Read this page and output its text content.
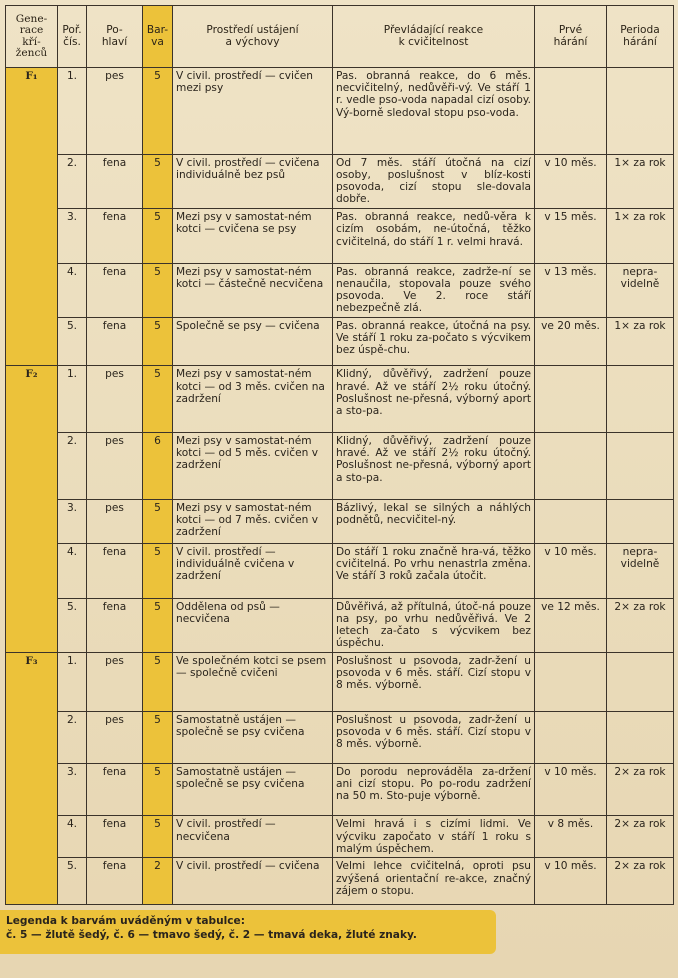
Gene-
race
kří-
ženců	Poř.
čís.	Po-
hlaví	Bar-
va	Prostředí ustájení
a výchovy	Převládající reakce
k cvičitelnost	Prvé
hárání	Perioda
hárání
F₁	1.	pes	5	V civil. prostředí — cvičen mezi psy	Pas. obranná reakce, do 6 měs. necvičitelný, nedůvěři-vý. Ve stáří 1 r. vedle pso-voda napadal cizí osoby. Vý-borně sledoval stopu pso-voda.		
	2.	fena	5	V civil. prostředí — cvičena individuálně bez psů	Od 7 měs. stáří útočná na cizí osoby, poslušnost v blíz-kosti psovoda, cizí stopu sle-dovala dobře.	v 10 měs.	1× za rok
	3.	fena	5	Mezi psy v samostat-ném kotci — cvičena se psy	Pas. obranná reakce, nedů-věra k cizím osobám, ne-útočná, těžko cvičitelná, do stáří 1 r. velmi hravá.	v 15 měs.	1× za rok
	4.	fena	5	Mezi psy v samostat-ném kotci — částečně necvičena	Pas. obranná reakce, zadrže-ní se nenaučila, stopovala pouze svého psovoda. Ve 2. roce stáří nebezpečně zlá.	v 13 měs.	nepra-
videlně
	5.	fena	5	Společně se psy — cvičena	Pas. obranná reakce, útočná na psy. Ve stáří 1 roku za-počato s výcvikem bez úspě-chu.	ve 20 měs.	1× za rok
F₂	1.	pes	5	Mezi psy v samostat-ném kotci — od 3 měs. cvičen na zadržení	Klidný, důvěřivý, zadržení pouze hravé. Až ve stáří 2½ roku útočný. Poslušnost ne-přesná, výborný aport a sto-pa.		
	2.	pes	6	Mezi psy v samostat-ném kotci — od 5 měs. cvičen v zadržení	Klidný, důvěřivý, zadržení pouze hravé. Až ve stáří 2½ roku útočný. Poslušnost ne-přesná, výborný aport a sto-pa.		
	3.	pes	5	Mezi psy v samostat-ném kotci — od 7 měs. cvičen v zadržení	Bázlivý, lekal se silných a náhlých podnětů, necvičitel-ný.		
	4.	fena	5	V civil. prostředí — individuálně cvičena v zadržení	Do stáří 1 roku značně hra-vá, těžko cvičitelná. Po vrhu nenastrla změna. Ve stáří 3 roků začala útočit.	v 10 měs.	nepra-
videlně
	5.	fena	5	Oddělena od psů — necvičena	Důvěřivá, až přítulná, útoč-ná pouze na psy, po vrhu nedůvěřivá. Ve 2 letech za-čato s výcvikem bez úspěchu.	ve 12 měs.	2× za rok
F₃	1.	pes	5	Ve společném kotci se psem — společně cvičeni	Poslušnost u psovoda, zadr-žení u psovoda v 6 měs. stáří. Cizí stopu v 8 měs. výborně.		
	2.	pes	5	Samostatně ustájen — společně se psy cvičena	Poslušnost u psovoda, zadr-žení u psovoda v 6 měs. stáří. Cizí stopu v 8 měs. výborně.		
	3.	fena	5	Samostatně ustájen — společně se psy cvičena	Do porodu neprováděla za-držení ani cizí stopu. Po po-rodu zadržení na 50 m. Sto-puje výborně.	v 10 měs.	2× za rok
	4.	fena	5	V civil. prostředí — necvičena	Velmi hravá i s cizími lidmi. Ve výcviku započato v stáří 1 roku s malým úspěchem.	v 8 měs.	2× za rok
	5.	fena	2	V civil. prostředí — cvičena	Velmi lehce cvičitelná, oproti psu zvýšená orientační re-akce, značný zájem o stopu.	v 10 měs.	2× za rok
Legenda k barvám uváděným v tabulce:
č. 5 — žlutě šedý, č. 6 — tmavo šedý, č. 2 — tmavá deka, žluté znaky.
